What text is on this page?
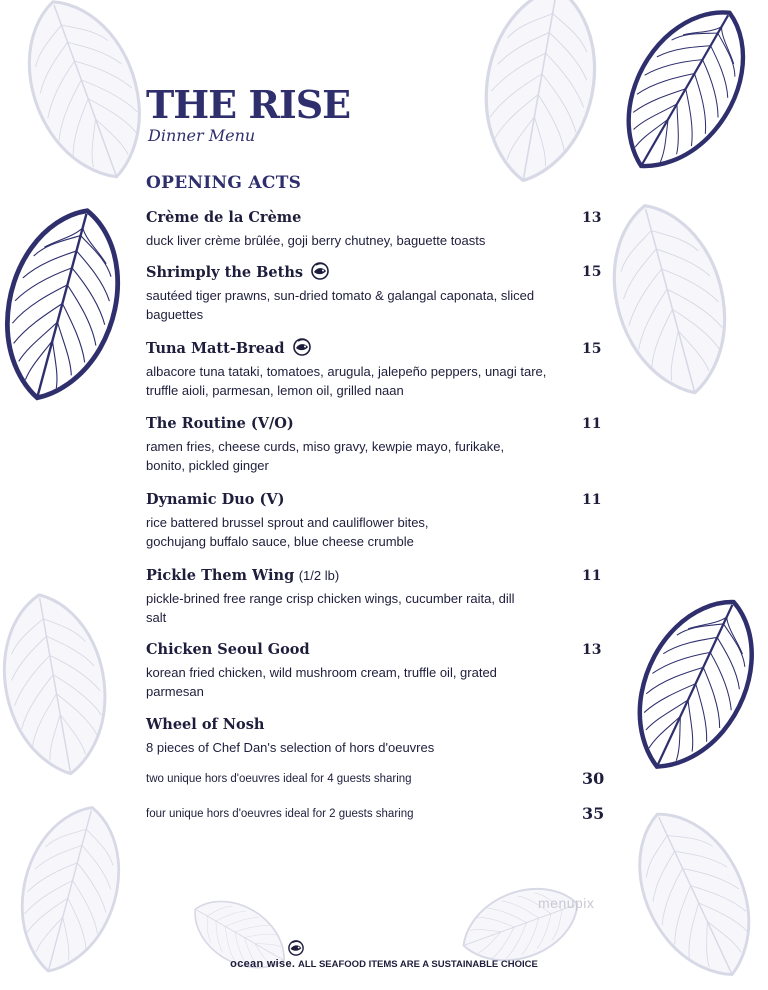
THE RISE
Dinner Menu
OPENING ACTS
Crème de la Crème
duck liver crème brûlée, goji berry chutney, baguette toasts
13
Shrimply the Beths
sautéed tiger prawns, sun-dried tomato & galangal caponata, sliced baguettes
15
Tuna Matt-Bread
albacore tuna tataki, tomatoes, arugula, jalepeño peppers, unagi tare, truffle aioli, parmesan, lemon oil, grilled naan
15
The Routine (V/O)
ramen fries, cheese curds, miso gravy, kewpie mayo, furikake, bonito, pickled ginger
11
Dynamic Duo (V)
rice battered brussel sprout and cauliflower bites, gochujang buffalo sauce, blue cheese crumble
11
Pickle Them Wing (1/2 lb)
pickle-brined free range crisp chicken wings, cucumber raita, dill salt
11
Chicken Seoul Good
korean fried chicken, wild mushroom cream, truffle oil, grated parmesan
13
Wheel of Nosh
8 pieces of Chef Dan's selection of hors d'oeuvres
two unique hors d'oeuvres ideal for 4 guests sharing	30
four unique hors d'oeuvres ideal for 2 guests sharing	35
menupix
ocean wise. ALL SEAFOOD ITEMS ARE A SUSTAINABLE CHOICE
